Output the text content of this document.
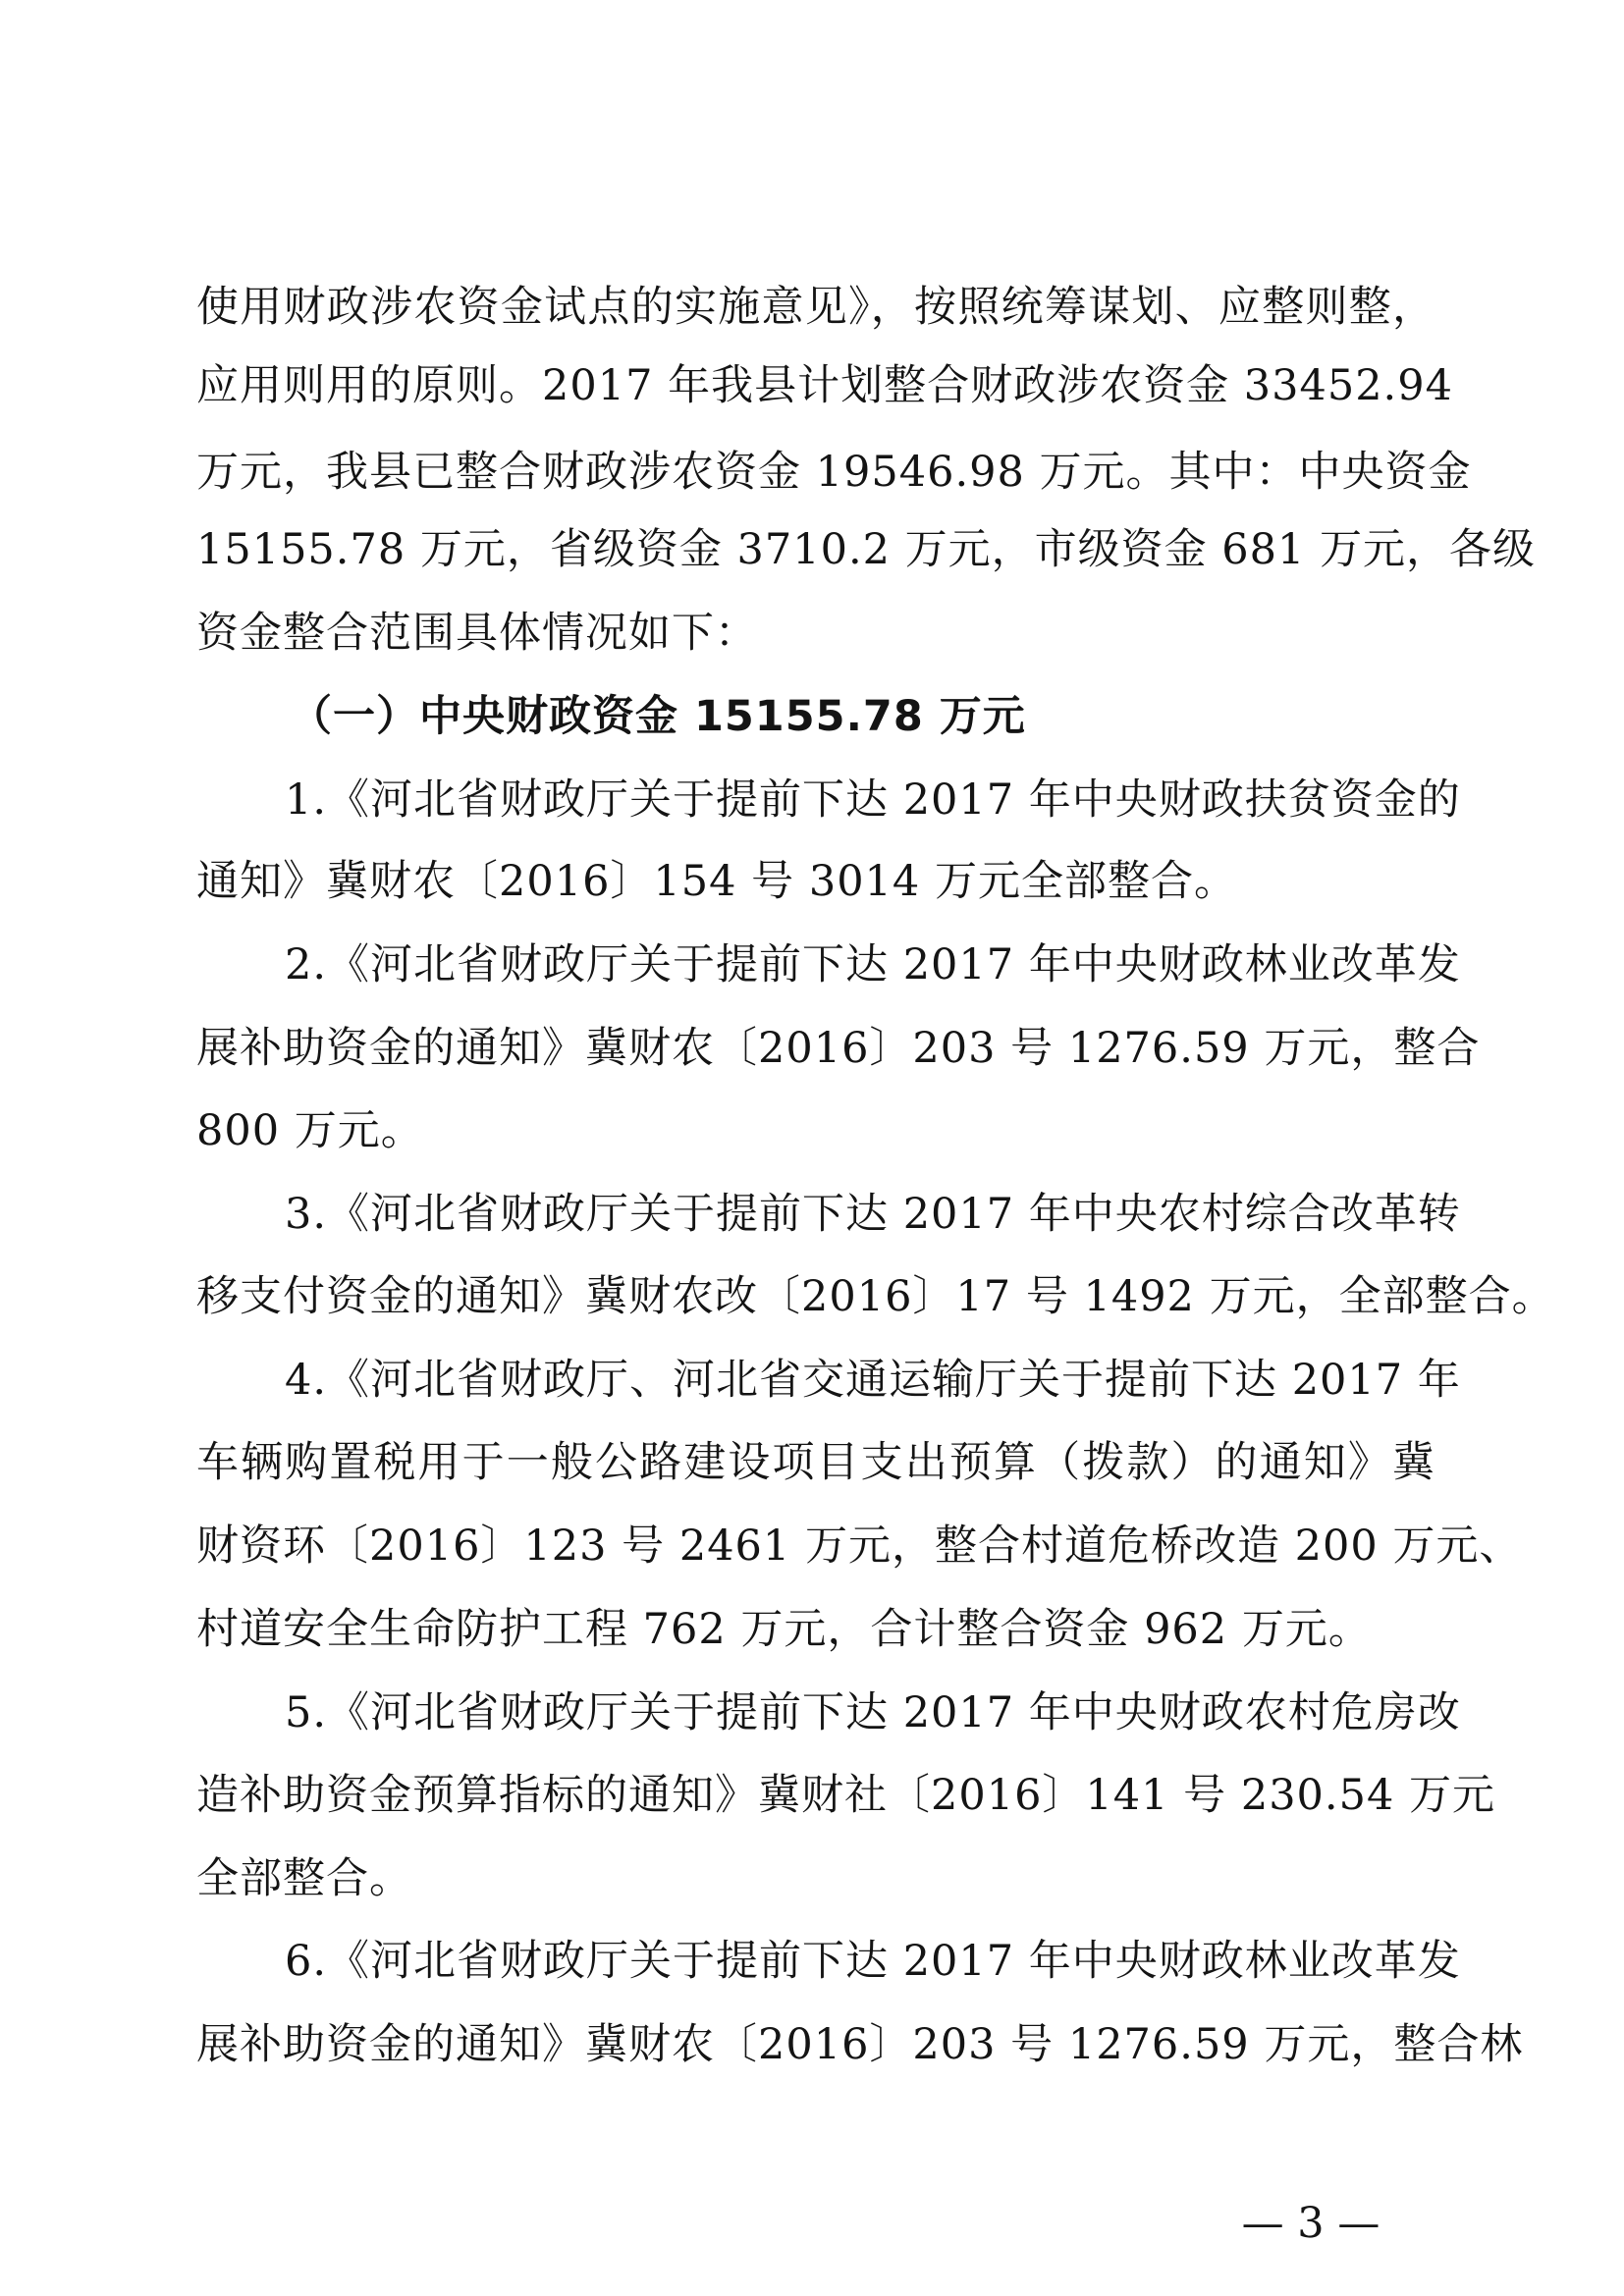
使用财政涉农资金试点的实施意见》，按照统筹谋划、应整则整，
应用则用的原则。2017 年我县计划整合财政涉农资金 33452.94
万元，我县已整合财政涉农资金 19546.98 万元。其中：中央资金
15155.78 万元，省级资金 3710.2 万元，市级资金 681 万元，各级
资金整合范围具体情况如下：
（一）中央财政资金 15155.78 万元
1.《河北省财政厅关于提前下达 2017 年中央财政扶贫资金的
通知》冀财农〔2016〕154 号 3014 万元全部整合。
2.《河北省财政厅关于提前下达 2017 年中央财政林业改革发
展补助资金的通知》冀财农〔2016〕203 号 1276.59 万元，整合
800 万元。
3.《河北省财政厅关于提前下达 2017 年中央农村综合改革转
移支付资金的通知》冀财农改〔2016〕17 号 1492 万元，全部整合。
4.《河北省财政厅、河北省交通运输厅关于提前下达 2017 年
车辆购置税用于一般公路建设项目支出预算（拨款）的通知》冀
财资环〔2016〕123 号 2461 万元，整合村道危桥改造 200 万元、
村道安全生命防护工程 762 万元，合计整合资金 962 万元。
5.《河北省财政厅关于提前下达 2017 年中央财政农村危房改
造补助资金预算指标的通知》冀财社〔2016〕141 号 230.54 万元
全部整合。
6.《河北省财政厅关于提前下达 2017 年中央财政林业改革发
展补助资金的通知》冀财农〔2016〕203 号 1276.59 万元，整合林
— 3 —
